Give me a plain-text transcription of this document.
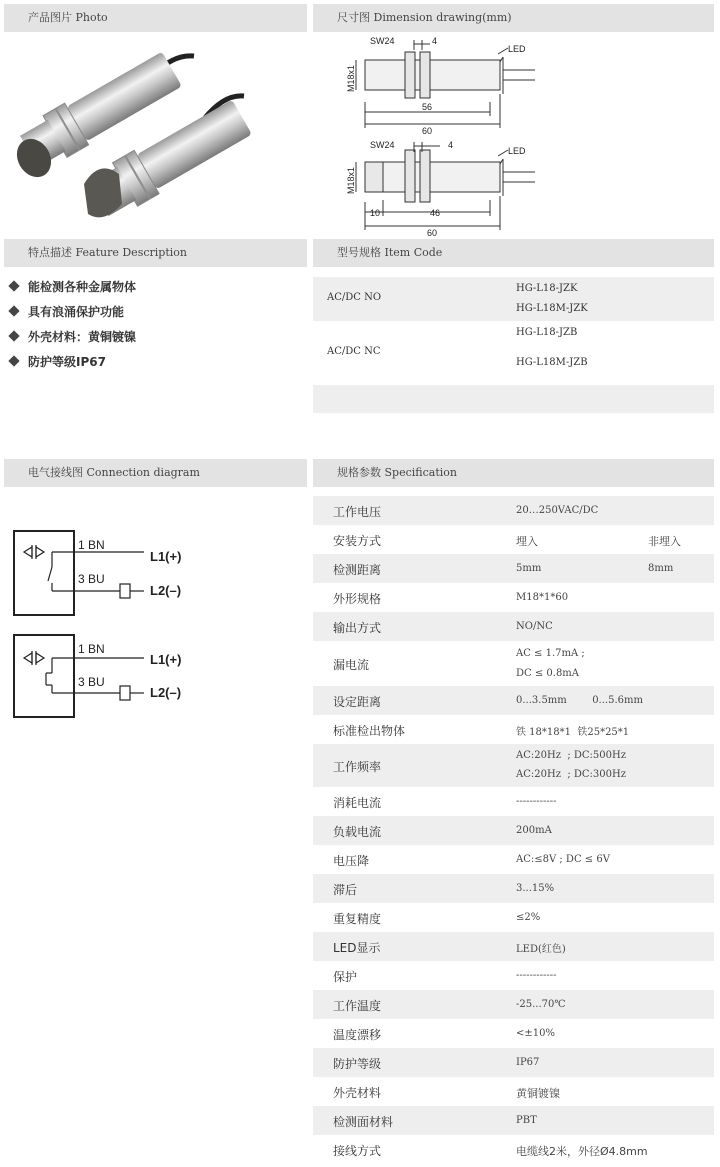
产品图片 Photo	尺寸图 Dimension drawing(mm)
特点描述 Feature Description	型号规格 Item Code
电气接线图 Connection diagram	规格参数 Specification
SW24	4
M18x1
56
60
LED
SW24	4
M18x1
10	46
60
LED
能检测各种金属物体
具有浪涌保护功能
外壳材料：黄铜镀镍
防护等级IP67
AC/DC NO
HG-L18-JZK
HG-L18M-JZK
AC/DC NC
HG-L18-JZB
HG-L18M-JZB
1 BN
3 BU
L1(+)
L2(–)
1 BN
3 BU
L1(+)
L2(–)
工作电压	20…250VAC/DC
安装方式	埋入	非埋入
检测距离	5mm	8mm
外形规格	M18*1*60
输出方式	NO/NC
漏电流
AC ≤ 1.7mA ;
DC ≤ 0.8mA
设定距离	0...3.5mm        0...5.6mm
标准检出物体	铁 18*18*1  铁25*25*1
工作频率
AC:20Hz  ; DC:500Hz
AC:20Hz  ; DC:300Hz
消耗电流	------------
负载电流	200mA
电压降	AC:≤8V ; DC ≤ 6V
滞后	3...15%
重复精度	≤2%
LED显示	LED(红色)
保护	------------
工作温度	-25...70℃
温度漂移	<±10%
防护等级	IP67
外壳材料	黄铜镀镍
检测面材料	PBT
接线方式	电缆线2米，外径Ø4.8mm
